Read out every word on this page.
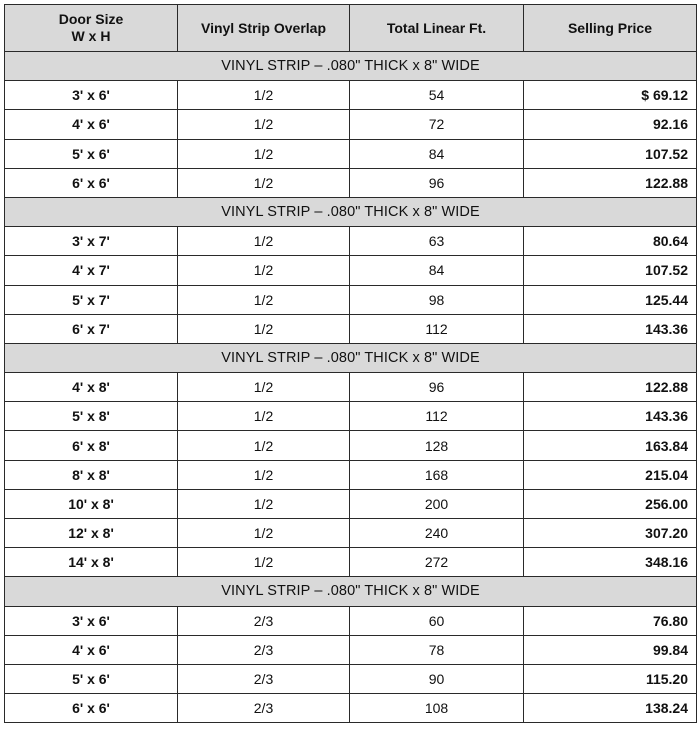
Door Size
W x H	Vinyl Strip Overlap	Total Linear Ft.	Selling Price
VINYL STRIP – .080" THICK x 8" WIDE			
3' x 6'	1/2	54	$ 69.12
4' x 6'	1/2	72	92.16
5' x 6'	1/2	84	107.52
6' x 6'	1/2	96	122.88
VINYL STRIP – .080" THICK x 8" WIDE			
3' x 7'	1/2	63	80.64
4' x 7'	1/2	84	107.52
5' x 7'	1/2	98	125.44
6' x 7'	1/2	112	143.36
VINYL STRIP – .080" THICK x 8" WIDE			
4' x 8'	1/2	96	122.88
5' x 8'	1/2	112	143.36
6' x 8'	1/2	128	163.84
8' x 8'	1/2	168	215.04
10' x 8'	1/2	200	256.00
12' x 8'	1/2	240	307.20
14' x 8'	1/2	272	348.16
VINYL STRIP – .080" THICK x 8" WIDE			
3' x 6'	2/3	60	76.80
4' x 6'	2/3	78	99.84
5' x 6'	2/3	90	115.20
6' x 6'	2/3	108	138.24
